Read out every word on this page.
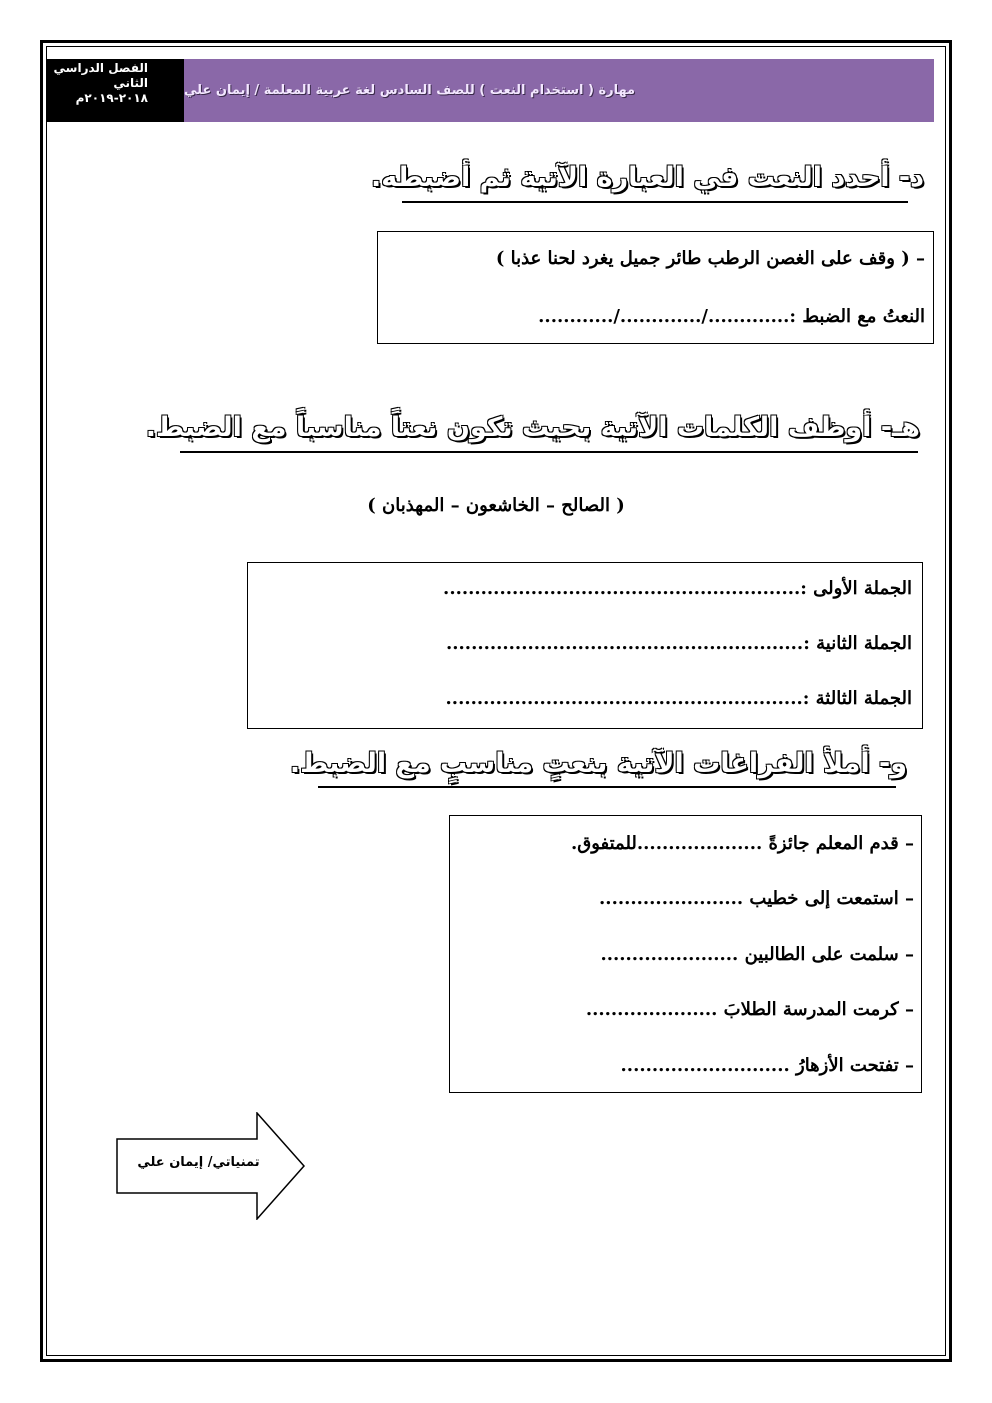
الفصل الدراسي الثاني ٢٠١٨-٢٠١٩م	مهارة ( استخدام النعت ) للصف السادس لغة عربية المعلمة / إيمان علي
د- أحدد النعت في العبارة الآتية ثم أضبطه.
– ( وقف على الغصن الرطب طائر جميل يغرد لحنا عذبا )
النعتُ مع الضبط :............./............./............
هـ- أوظف الكلمات الآتية بحيث تكون نعتاً مناسباً مع الضبط.
( الصالح – الخاشعون – المهذبان )
الجملة الأولى :.........................................................
الجملة الثانية :.........................................................
الجملة الثالثة :.........................................................
و- أملأ الفراغات الآتية بنعتٍ مناسبٍ مع الضبط.
– قدم المعلم جائزةً ....................للمتفوق.
– استمعت إلى خطيب .......................
– سلمت على الطالبين ......................
– كرمت المدرسة الطلابَ .....................
– تفتحت الأزهارُ ...........................
تمنياتي/ إيمان علي
